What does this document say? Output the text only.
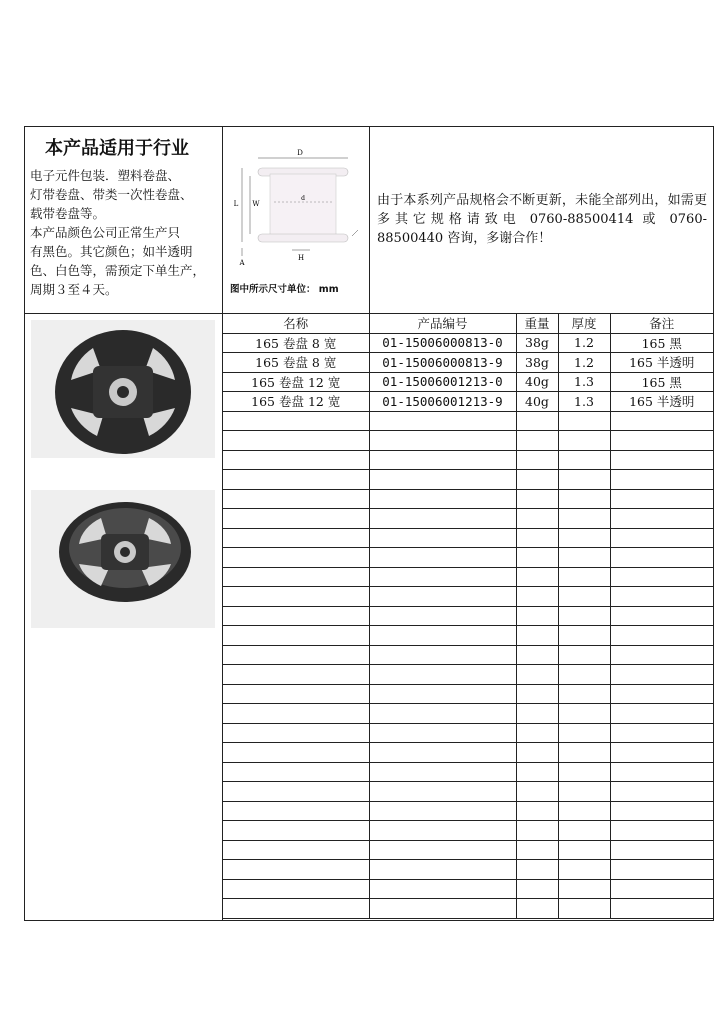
本产品适用于行业

电子元件包装．塑料卷盘、

灯带卷盘、带类一次性卷盘、

载带卷盘等。

本产品颜色公司正常生产只

有黑色。其它颜色；如半透明

色、白色等，需预定下单生产，

周期３至４天。

D
L W
d
H
A
图中所示尺寸单位： mm
由于本系列产品规格会不断更新，未能全部列出，如需更多其它规格请致电 0760-88500414 或 0760-88500440 咨询，多谢合作！
名称	产品编号	重量	厚度	备注
165 卷盘 8 宽	01-15006000813-0	38g	1.2	165 黑
165 卷盘 8 宽	01-15006000813-9	38g	1.2	165 半透明
165 卷盘 12 宽	01-15006001213-0	40g	1.3	165 黑
165 卷盘 12 宽	01-15006001213-9	40g	1.3	165 半透明
